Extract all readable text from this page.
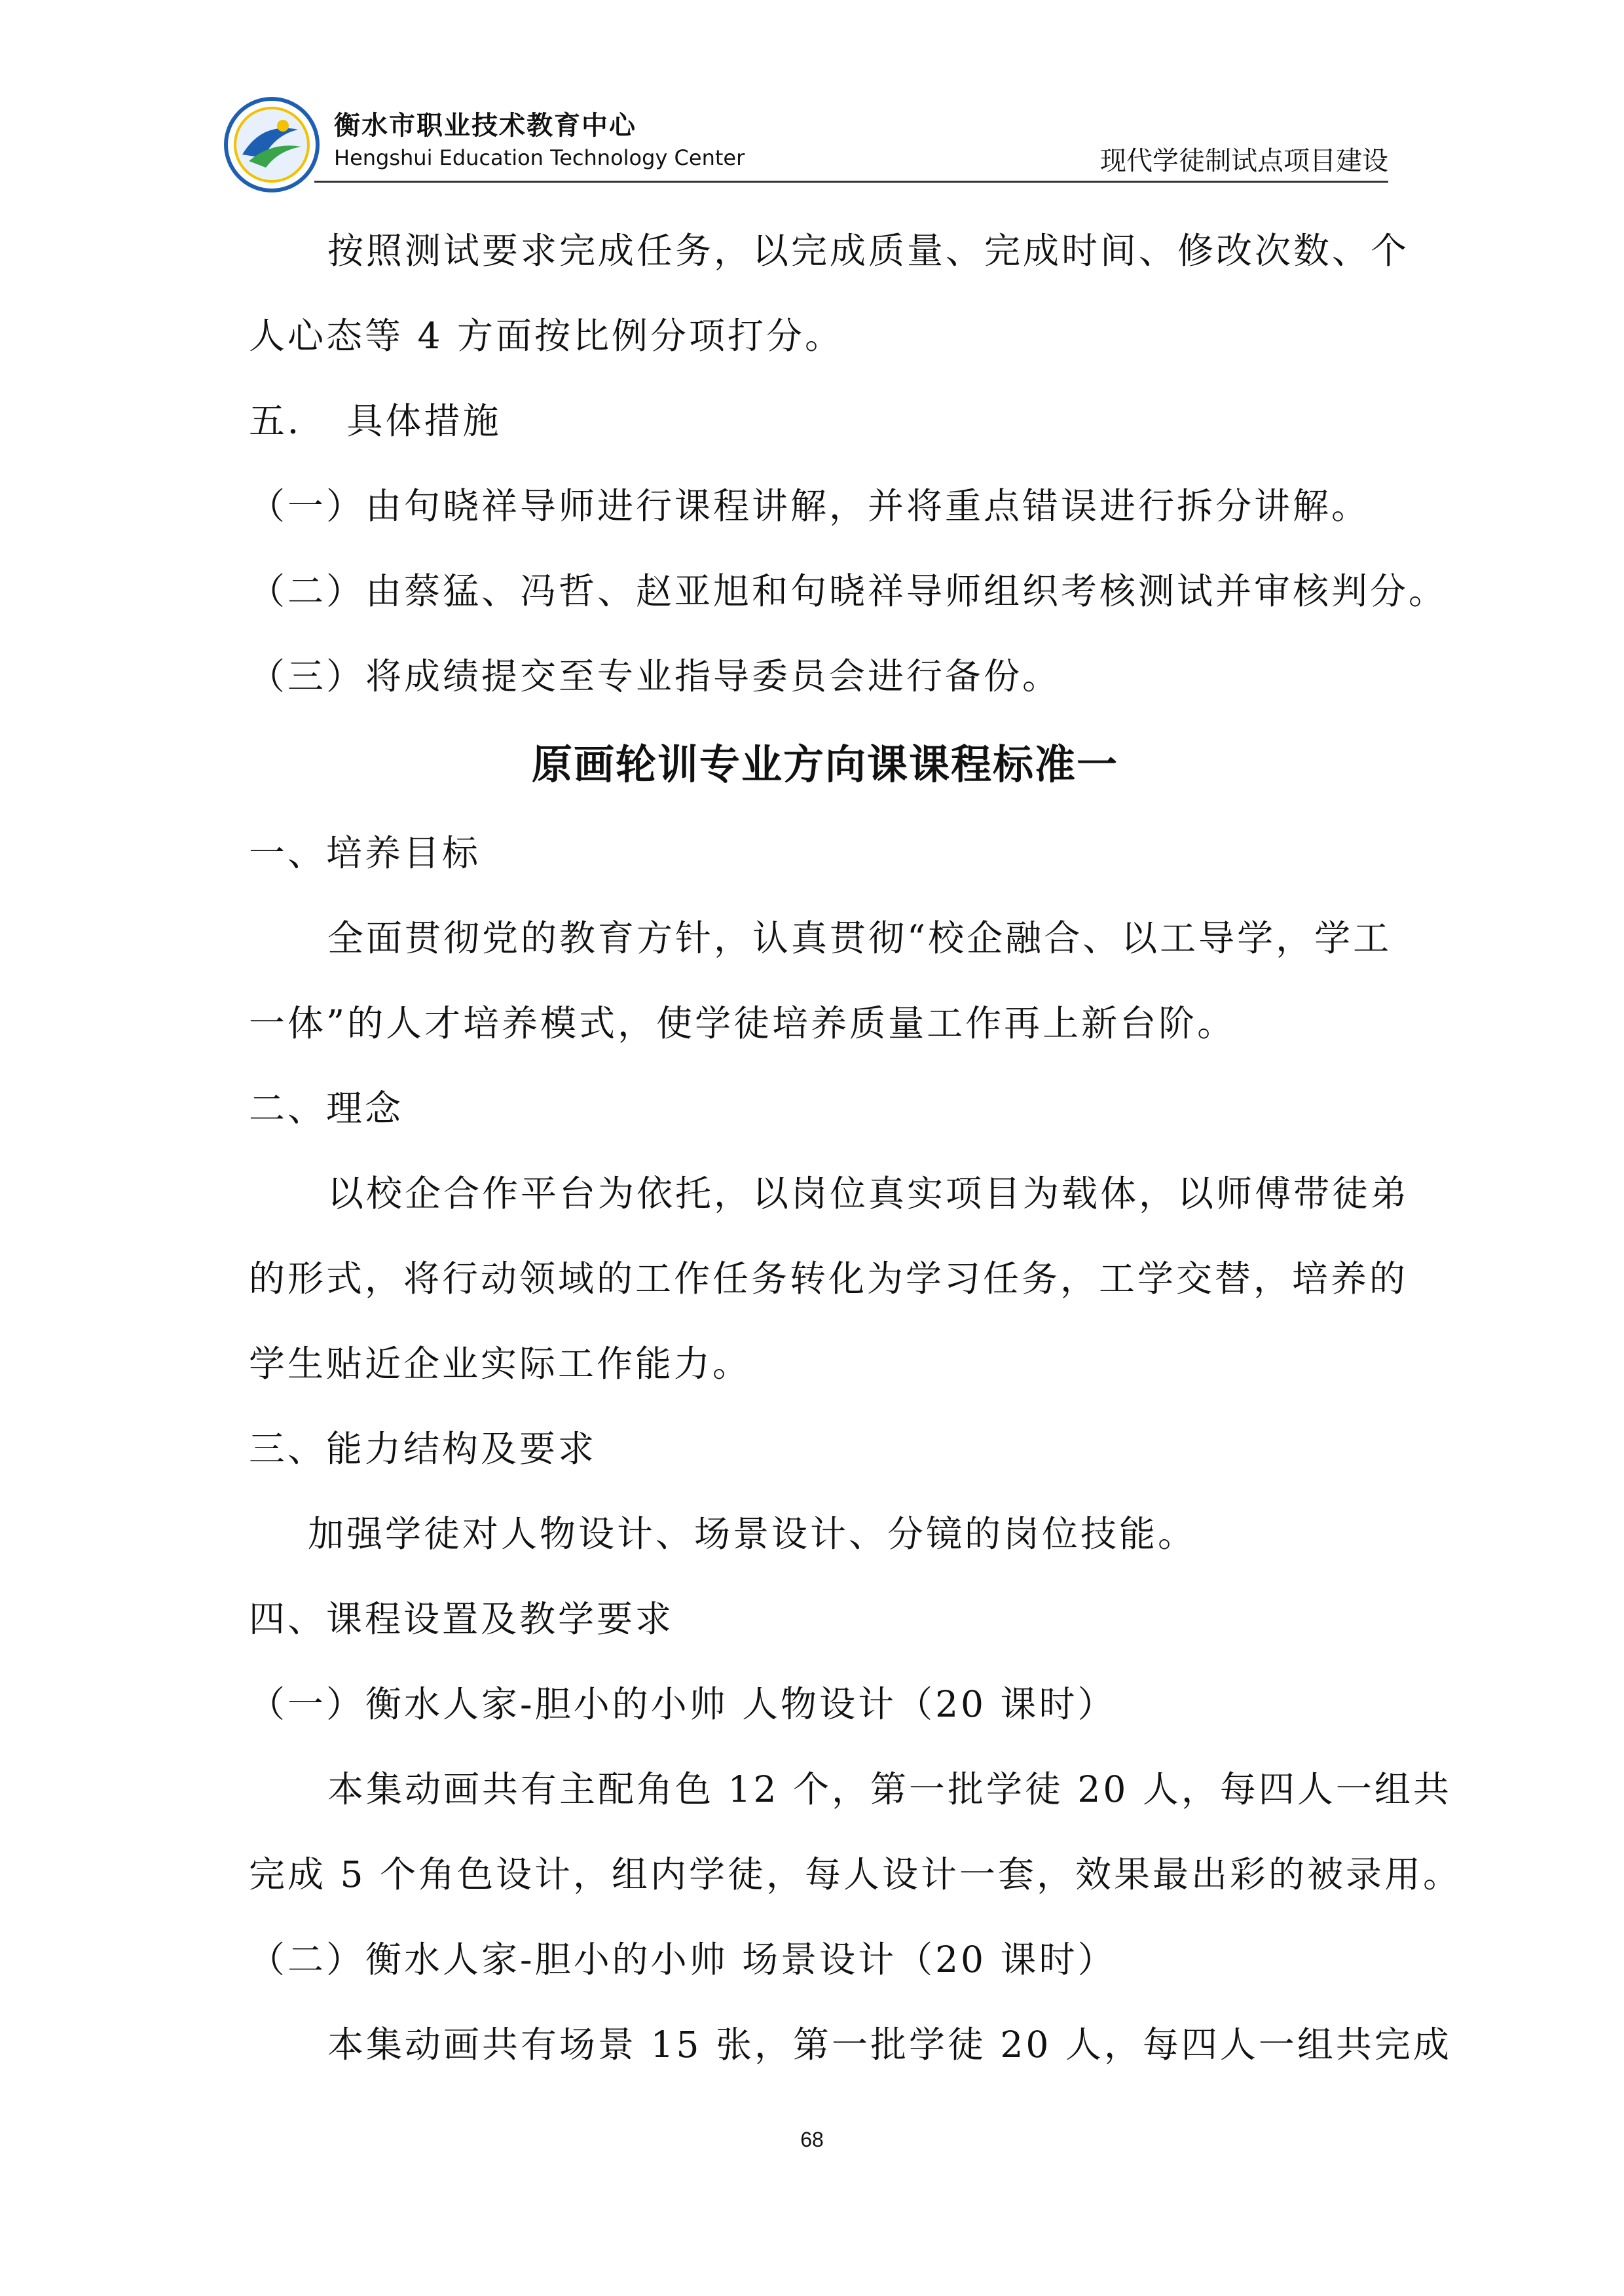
衡水市职业技术教育中心
Hengshui Education Technology Center	现代学徒制试点项目建设

按照测试要求完成任务，以完成质量、完成时间、修改次数、个

人心态等 4 方面按比例分项打分。

五．　具体措施

（一）由句晓祥导师进行课程讲解，并将重点错误进行拆分讲解。

（二）由蔡猛、冯哲、赵亚旭和句晓祥导师组织考核测试并审核判分。

（三）将成绩提交至专业指导委员会进行备份。

原画轮训专业方向课课程标准一

一、培养目标

全面贯彻党的教育方针，认真贯彻“校企融合、以工导学，学工

一体”的人才培养模式，使学徒培养质量工作再上新台阶。

二、理念

以校企合作平台为依托，以岗位真实项目为载体，以师傅带徒弟

的形式，将行动领域的工作任务转化为学习任务，工学交替，培养的

学生贴近企业实际工作能力。

三、能力结构及要求

加强学徒对人物设计、场景设计、分镜的岗位技能。

四、课程设置及教学要求

（一）衡水人家-胆小的小帅 人物设计（20 课时）

本集动画共有主配角色 12 个，第一批学徒 20 人，每四人一组共

完成 5 个角色设计，组内学徒，每人设计一套，效果最出彩的被录用。

（二）衡水人家-胆小的小帅 场景设计（20 课时）

本集动画共有场景 15 张，第一批学徒 20 人，每四人一组共完成

68
